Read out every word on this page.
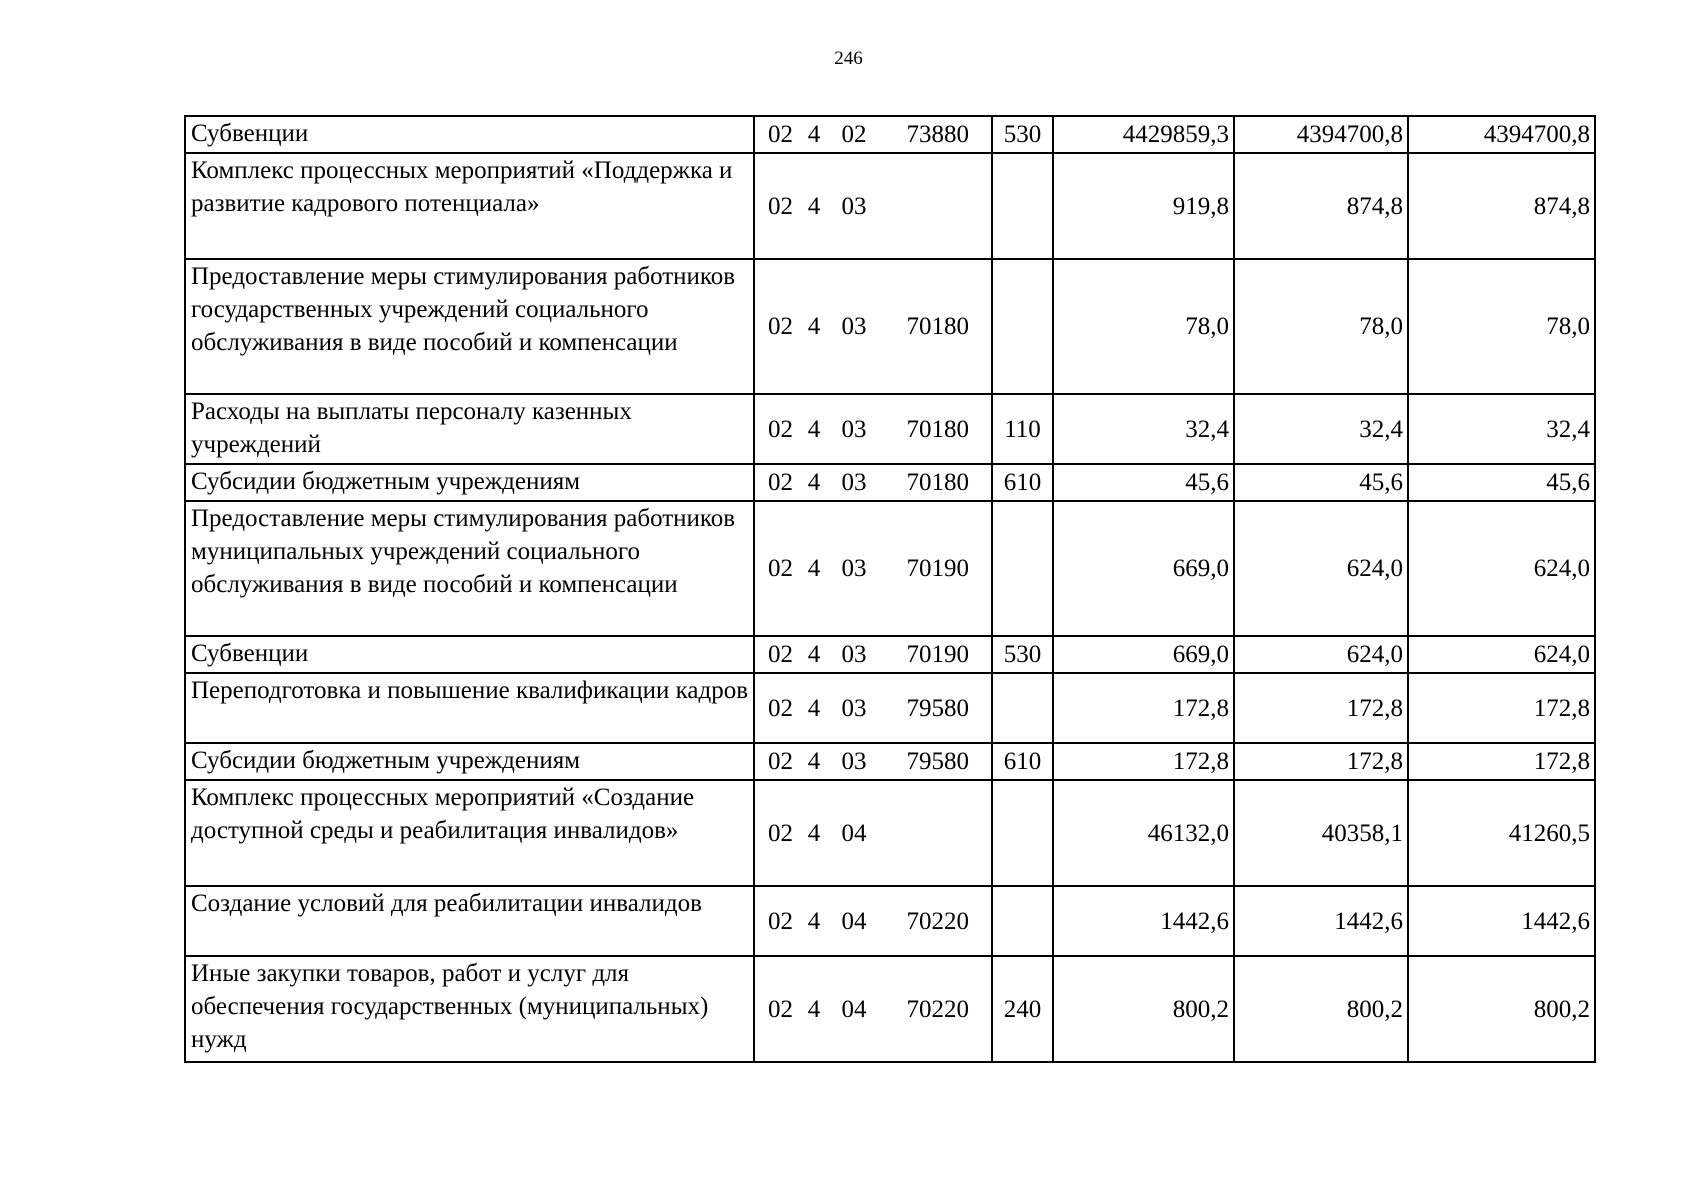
246
Субвенции	02 4 02 73880	530	4429859,3	4394700,8	4394700,8
Комплекс процессных мероприятий «Поддержка и развитие кадрового потенциала»	02 4 03		919,8	874,8	874,8
Предоставление меры стимулирования работников государственных учреждений социального обслуживания в виде пособий и компенсации	02 4 03 70180		78,0	78,0	78,0
Расходы на выплаты персоналу казенных учреждений	02 4 03 70180	110	32,4	32,4	32,4
Субсидии бюджетным учреждениям	02 4 03 70180	610	45,6	45,6	45,6
Предоставление меры стимулирования работников муниципальных учреждений социального обслуживания в виде пособий и компенсации	02 4 03 70190		669,0	624,0	624,0
Субвенции	02 4 03 70190	530	669,0	624,0	624,0
Переподготовка и повышение квалификации кадров	02 4 03 79580		172,8	172,8	172,8
Субсидии бюджетным учреждениям	02 4 03 79580	610	172,8	172,8	172,8
Комплекс процессных мероприятий «Создание доступной среды и реабилитация инвалидов»	02 4 04		46132,0	40358,1	41260,5
Создание условий для реабилитации инвалидов	02 4 04 70220		1442,6	1442,6	1442,6
Иные закупки товаров, работ и услуг для обеспечения государственных (муниципальных) нужд	02 4 04 70220	240	800,2	800,2	800,2
